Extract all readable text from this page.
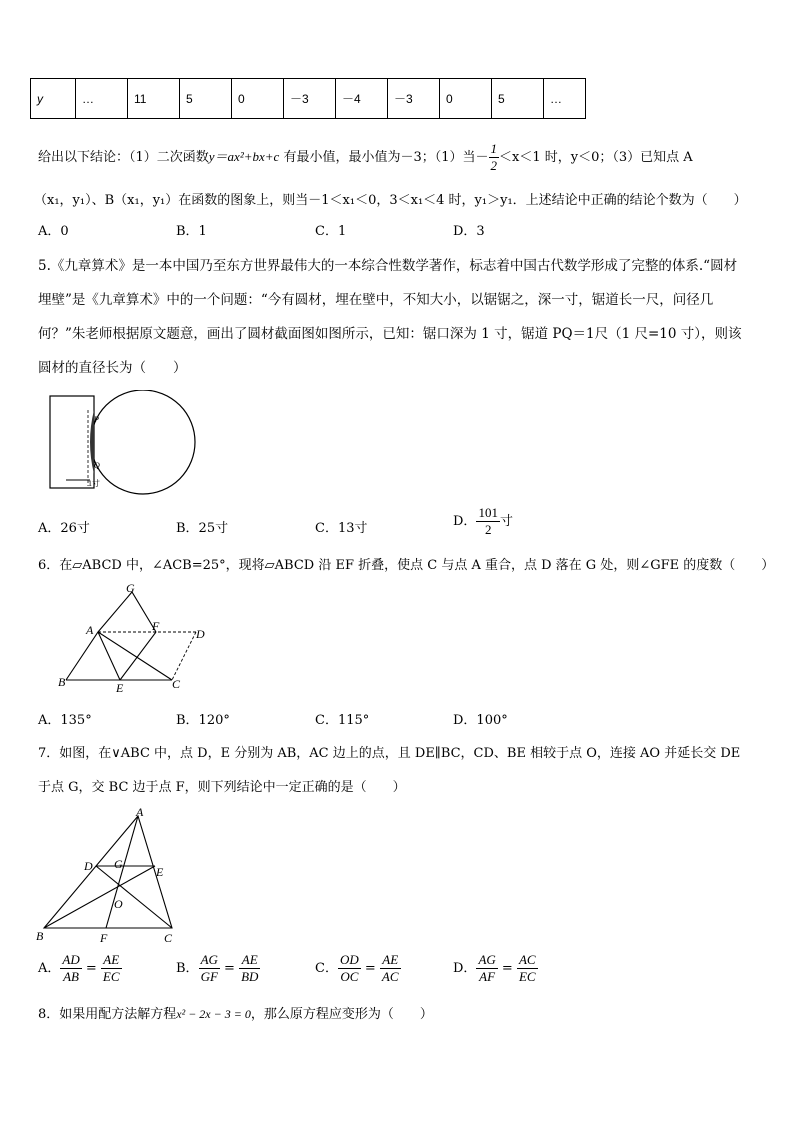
y	…	11	5	0	－3	－4	－3	0	5	…
给出以下结论：（1）二次函数y＝ax²+bx+c 有最小值，最小值为－3；（1）当－ $\frac{1}{2} <x<1$ 时，y＜0；（3）已知点 A
（x₁，y₁）、B（x₁，y₁）在函数的图象上，则当－1＜x₁＜0，3＜x₁＜4 时，y₁＞y₁．上述结论中正确的结论个数为（　　）
A．0	B．1	C．1	D．3
5.《九章算术》是一本中国乃至东方世界最伟大的一本综合性数学著作，标志着中国古代数学形成了完整的体系.“圆材
埋壁”是《九章算术》中的一个问题：“今有圆材，埋在壁中，不知大小，以锯锯之，深一寸，锯道长一尺，问径几
何？”朱老师根据原文题意，画出了圆材截面图如图所示，已知：锯口深为 1 寸，锯道 PQ＝1尺（1 尺=10 寸），则该
圆材的直径长为（　　）
P
Q
1寸
A．26寸	B．25寸	C．13寸	D． $\frac{101}{2}$ 寸
6．在▱ABCD 中，∠ACB=25°，现将▱ABCD 沿 EF 折叠，使点 C 与点 A 重合，点 D 落在 G 处，则∠GFE 的度数（　　）
G
A	F
D
B	E	C
A．135°	B．120°	C．115°	D．100°
7．如图，在∨ABC 中，点 D，E 分别为 AB，AC 边上的点，且 DE∥BC，CD、BE 相较于点 O，连接 AO 并延长交 DE
于点 G，交 BC 边于点 F，则下列结论中一定正确的是（　　）
A
D G
E
O
B	F	C
A． $\frac{AD}{AB} = \frac{AE}{EC}$	B． $\frac{AG}{GF} = \frac{AE}{BD}$	C． $\frac{OD}{OC} = \frac{AE}{AC}$	D． $\frac{AG}{AF} = \frac{AC}{EC}$
8．如果用配方法解方程x² − 2x − 3 = 0，那么原方程应变形为（　　）
